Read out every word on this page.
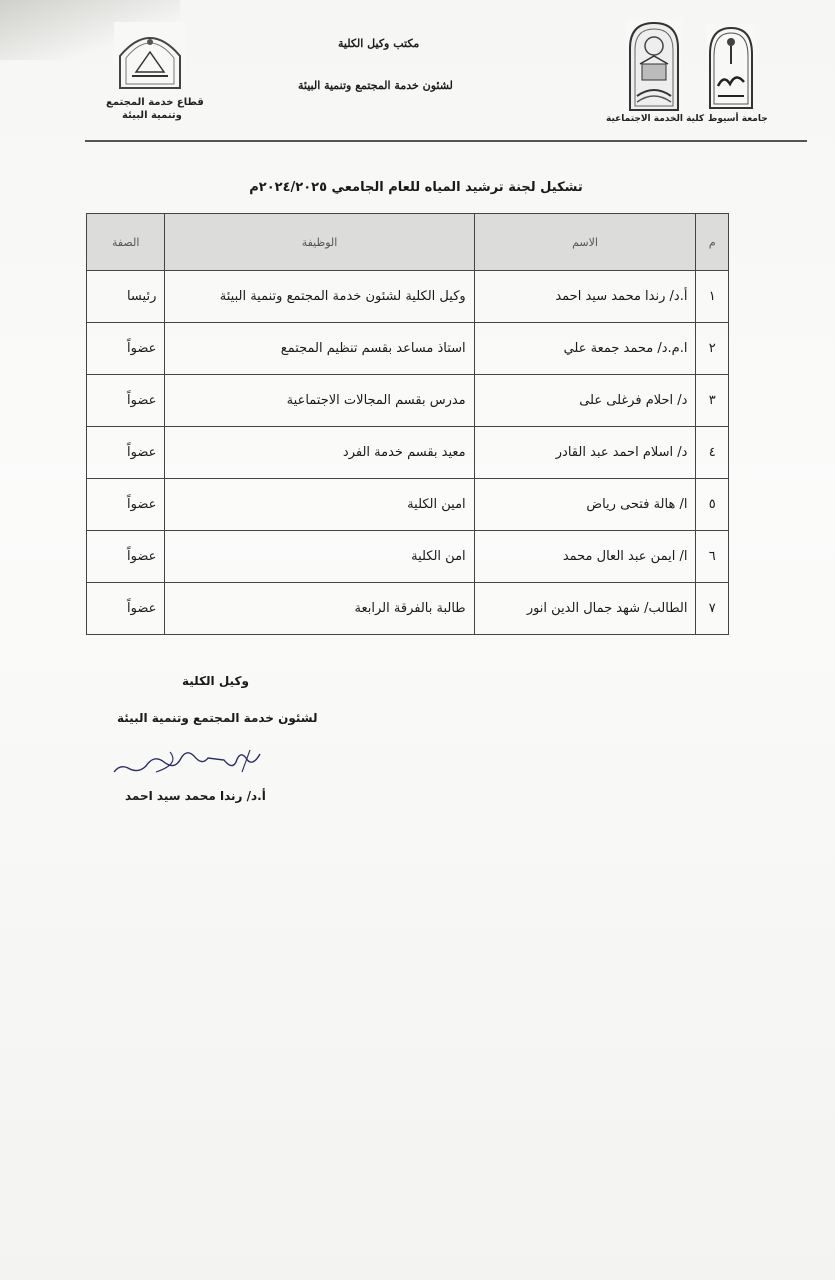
جامعة أسيوط
كلية الخدمة الاجتماعية
مكتب وكيل الكلية
لشئون خدمة المجتمع وتنمية البيئة
قطاع خدمة المجتمع
وتنمية البيئة
تشكيل لجنة ترشيد المياه للعام الجامعي ٢٠٢٤/٢٠٢٥م
م	الاسم	الوظيفة	الصفة
١	أ.د/ رندا محمد سيد احمد	وكيل الكلية لشئون خدمة المجتمع وتنمية البيئة	رئيسا
٢	ا.م.د/ محمد جمعة علي	استاذ مساعد بقسم تنظيم المجتمع	عضواً
٣	د/ احلام فرغلى على	مدرس بقسم المجالات الاجتماعية	عضواً
٤	د/ اسلام احمد عبد القادر	معيد بقسم خدمة الفرد	عضواً
٥	ا/ هالة فتحى رياض	امين الكلية	عضواً
٦	ا/ ايمن عبد العال محمد	امن الكلية	عضواً
٧	الطالب/ شهد جمال الدين انور	طالبة بالفرقة الرابعة	عضواً
وكيل الكلية
لشئون خدمة المجتمع وتنمية البيئة
أ.د/ رندا محمد سيد احمد
